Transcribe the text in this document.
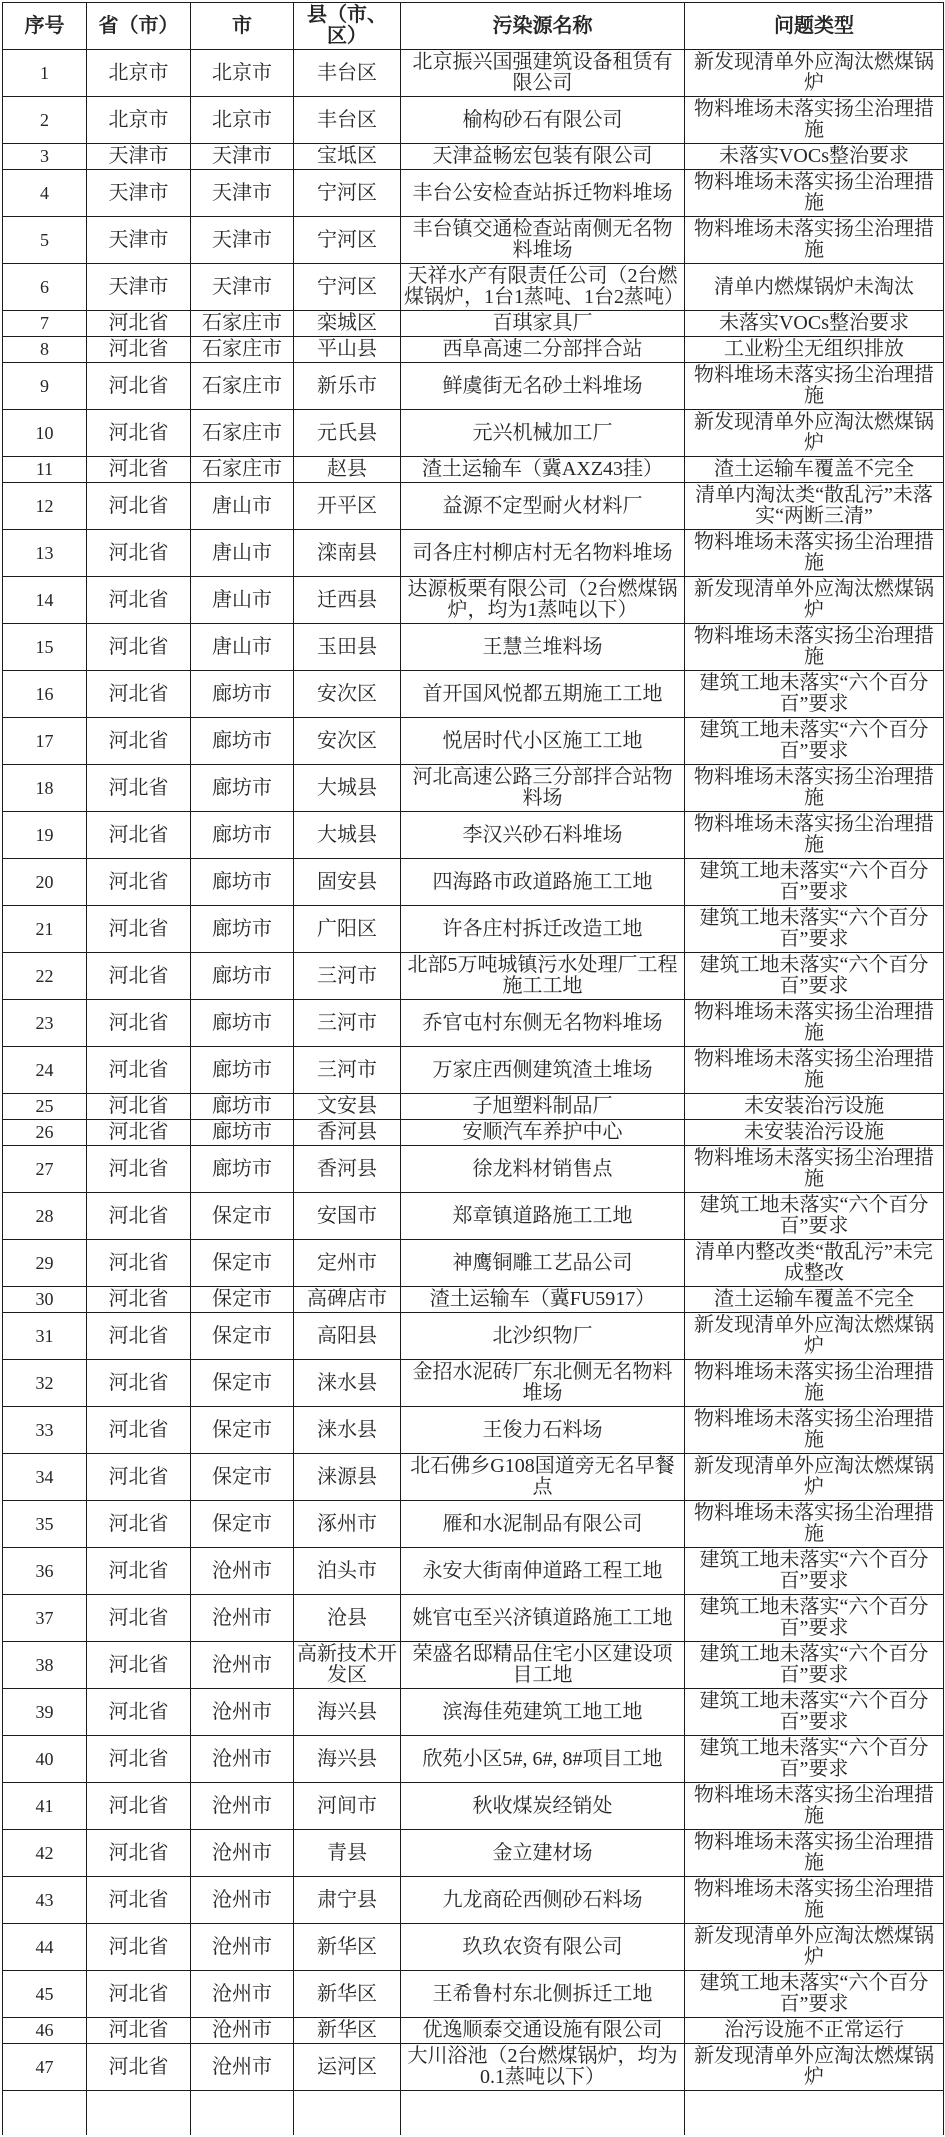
序号	省（市）	市	县（市、区）	污染源名称	问题类型
1	北京市	北京市	丰台区	北京振兴国强建筑设备租赁有限公司	新发现清单外应淘汰燃煤锅炉
2	北京市	北京市	丰台区	榆构砂石有限公司	物料堆场未落实扬尘治理措施
3	天津市	天津市	宝坻区	天津益畅宏包装有限公司	未落实VOCs整治要求
4	天津市	天津市	宁河区	丰台公安检查站拆迁物料堆场	物料堆场未落实扬尘治理措施
5	天津市	天津市	宁河区	丰台镇交通检查站南侧无名物料堆场	物料堆场未落实扬尘治理措施
6	天津市	天津市	宁河区	天祥水产有限责任公司（2台燃煤锅炉，1台1蒸吨、1台2蒸吨）	清单内燃煤锅炉未淘汰
7	河北省	石家庄市	栾城区	百琪家具厂	未落实VOCs整治要求
8	河北省	石家庄市	平山县	西阜高速二分部拌合站	工业粉尘无组织排放
9	河北省	石家庄市	新乐市	鲜虞街无名砂土料堆场	物料堆场未落实扬尘治理措施
10	河北省	石家庄市	元氏县	元兴机械加工厂	新发现清单外应淘汰燃煤锅炉
11	河北省	石家庄市	赵县	渣土运输车（冀AXZ43挂）	渣土运输车覆盖不完全
12	河北省	唐山市	开平区	益源不定型耐火材料厂	清单内淘汰类“散乱污”未落实“两断三清”
13	河北省	唐山市	滦南县	司各庄村柳店村无名物料堆场	物料堆场未落实扬尘治理措施
14	河北省	唐山市	迁西县	达源板栗有限公司（2台燃煤锅炉，均为1蒸吨以下）	新发现清单外应淘汰燃煤锅炉
15	河北省	唐山市	玉田县	王慧兰堆料场	物料堆场未落实扬尘治理措施
16	河北省	廊坊市	安次区	首开国风悦都五期施工工地	建筑工地未落实“六个百分百”要求
17	河北省	廊坊市	安次区	悦居时代小区施工工地	建筑工地未落实“六个百分百”要求
18	河北省	廊坊市	大城县	河北高速公路三分部拌合站物料场	物料堆场未落实扬尘治理措施
19	河北省	廊坊市	大城县	李汉兴砂石料堆场	物料堆场未落实扬尘治理措施
20	河北省	廊坊市	固安县	四海路市政道路施工工地	建筑工地未落实“六个百分百”要求
21	河北省	廊坊市	广阳区	许各庄村拆迁改造工地	建筑工地未落实“六个百分百”要求
22	河北省	廊坊市	三河市	北部5万吨城镇污水处理厂工程施工工地	建筑工地未落实“六个百分百”要求
23	河北省	廊坊市	三河市	乔官屯村东侧无名物料堆场	物料堆场未落实扬尘治理措施
24	河北省	廊坊市	三河市	万家庄西侧建筑渣土堆场	物料堆场未落实扬尘治理措施
25	河北省	廊坊市	文安县	子旭塑料制品厂	未安装治污设施
26	河北省	廊坊市	香河县	安顺汽车养护中心	未安装治污设施
27	河北省	廊坊市	香河县	徐龙料材销售点	物料堆场未落实扬尘治理措施
28	河北省	保定市	安国市	郑章镇道路施工工地	建筑工地未落实“六个百分百”要求
29	河北省	保定市	定州市	神鹰铜雕工艺品公司	清单内整改类“散乱污”未完成整改
30	河北省	保定市	高碑店市	渣土运输车（冀FU5917）	渣土运输车覆盖不完全
31	河北省	保定市	高阳县	北沙织物厂	新发现清单外应淘汰燃煤锅炉
32	河北省	保定市	涞水县	金招水泥砖厂东北侧无名物料堆场	物料堆场未落实扬尘治理措施
33	河北省	保定市	涞水县	王俊力石料场	物料堆场未落实扬尘治理措施
34	河北省	保定市	涞源县	北石佛乡G108国道旁无名早餐点	新发现清单外应淘汰燃煤锅炉
35	河北省	保定市	涿州市	雁和水泥制品有限公司	物料堆场未落实扬尘治理措施
36	河北省	沧州市	泊头市	永安大街南伸道路工程工地	建筑工地未落实“六个百分百”要求
37	河北省	沧州市	沧县	姚官屯至兴济镇道路施工工地	建筑工地未落实“六个百分百”要求
38	河北省	沧州市	高新技术开发区	荣盛名邸精品住宅小区建设项目工地	建筑工地未落实“六个百分百”要求
39	河北省	沧州市	海兴县	滨海佳苑建筑工地工地	建筑工地未落实“六个百分百”要求
40	河北省	沧州市	海兴县	欣苑小区5#, 6#, 8#项目工地	建筑工地未落实“六个百分百”要求
41	河北省	沧州市	河间市	秋收煤炭经销处	物料堆场未落实扬尘治理措施
42	河北省	沧州市	青县	金立建材场	物料堆场未落实扬尘治理措施
43	河北省	沧州市	肃宁县	九龙商砼西侧砂石料场	物料堆场未落实扬尘治理措施
44	河北省	沧州市	新华区	玖玖农资有限公司	新发现清单外应淘汰燃煤锅炉
45	河北省	沧州市	新华区	王希鲁村东北侧拆迁工地	建筑工地未落实“六个百分百”要求
46	河北省	沧州市	新华区	优逸顺泰交通设施有限公司	治污设施不正常运行
47	河北省	沧州市	运河区	大川浴池（2台燃煤锅炉，均为0.1蒸吨以下）	新发现清单外应淘汰燃煤锅炉
